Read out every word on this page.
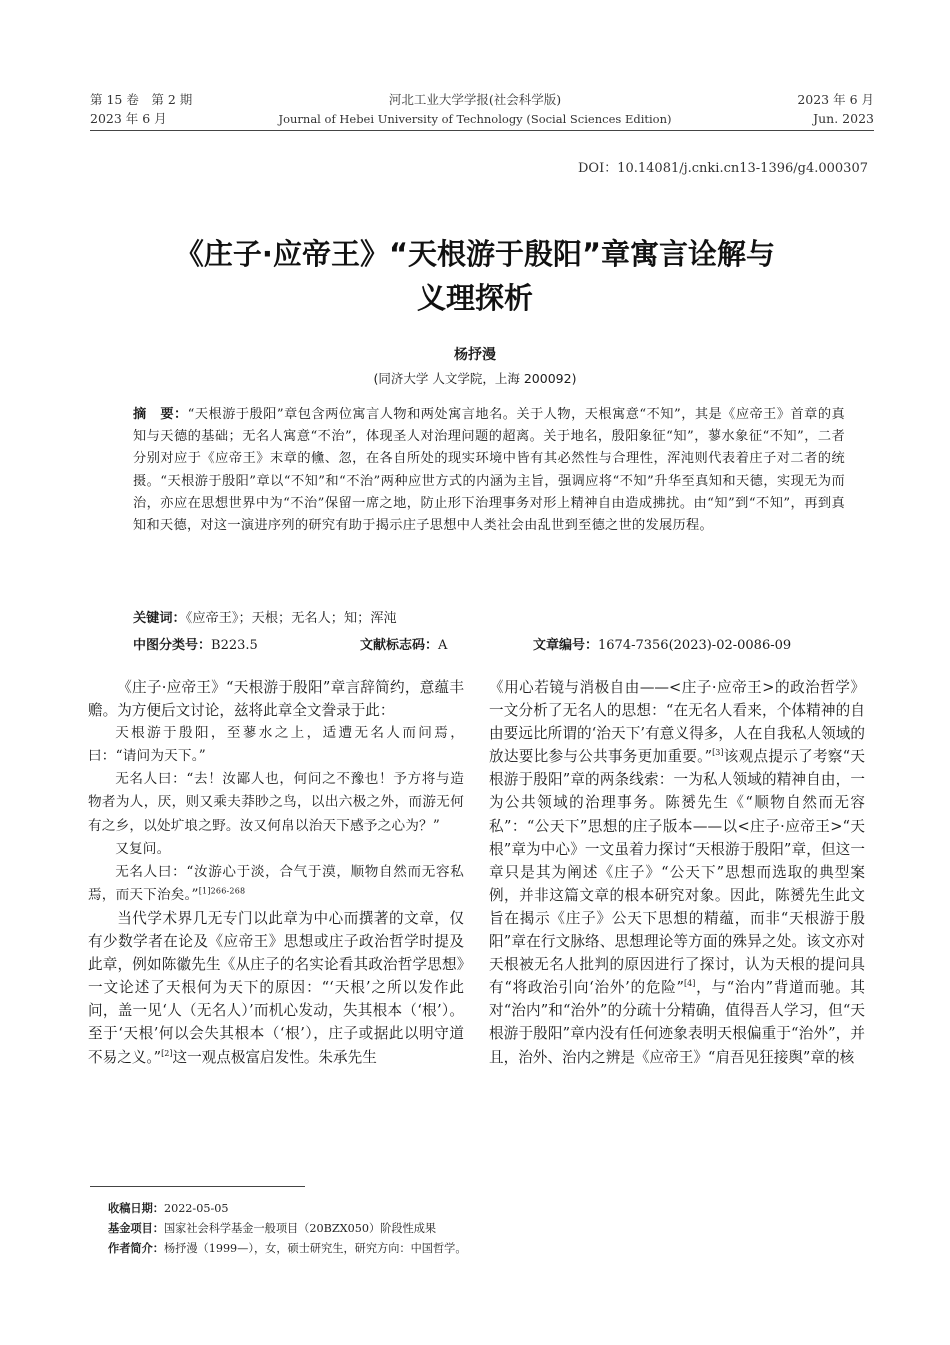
第 15 卷　第 2 期
2023 年 6 月
河北工业大学学报(社会科学版)
Journal of Hebei University of Technology (Social Sciences Edition)
2023 年 6 月
Jun. 2023
DOI：10.14081/j.cnki.cn13-1396/g4.000307
《庄子·应帝王》“天根游于殷阳”章寓言诠解与
义理探析
杨抒漫
(同济大学 人文学院，上海 200092)
摘　要：“天根游于殷阳”章包含两位寓言人物和两处寓言地名。关于人物，天根寓意“不知”，其是《应帝王》首章的真知与天德的基础；无名人寓意“不治”，体现圣人对治理问题的超离。关于地名，殷阳象征“知”，蓼水象征“不知”，二者分别对应于《应帝王》末章的儵、忽，在各自所处的现实环境中皆有其必然性与合理性，浑沌则代表着庄子对二者的统摄。“天根游于殷阳”章以“不知”和“不治”两种应世方式的内涵为主旨，强调应将“不知”升华至真知和天德，实现无为而治，亦应在思想世界中为“不治”保留一席之地，防止形下治理事务对形上精神自由造成拂扰。由“知”到“不知”，再到真知和天德，对这一演进序列的研究有助于揭示庄子思想中人类社会由乱世到至德之世的发展历程。
关键词：《应帝王》；天根；无名人；知；浑沌
中图分类号：B223.5	文献标志码：A	文章编号：1674-7356(2023)-02-0086-09

《庄子·应帝王》“天根游于殷阳”章言辞简约，意蕴丰赡。为方便后文讨论，兹将此章全文誊录于此：

天根游于殷阳，至蓼水之上，适遭无名人而问焉，曰：“请问为天下。”

无名人曰：“去！汝鄙人也，何问之不豫也！予方将与造物者为人，厌，则又乘夫莽眇之鸟，以出六极之外，而游无何有之乡，以处圹埌之野。汝又何帛以治天下感予之心为？”

又复问。

无名人曰：“汝游心于淡，合气于漠，顺物自然而无容私焉，而天下治矣。”$^{[1]266-268}$

当代学术界几无专门以此章为中心而撰著的文章，仅有少数学者在论及《应帝王》思想或庄子政治哲学时提及此章，例如陈徽先生《从庄子的名实论看其政治哲学思想》一文论述了天根何为天下的原因：“‘天根’之所以发作此问，盖一见‘人（无名人）’而机心发动，失其根本（‘根’）。至于‘天根’何以会失其根本（‘根’），庄子或据此以明守道不易之义。”[2]这一观点极富启发性。朱承先生

《用心若镜与消极自由——<庄子·应帝王>的政治哲学》一文分析了无名人的思想：“在无名人看来，个体精神的自由要远比所谓的‘治天下’有意义得多，人在自我私人领域的放达要比参与公共事务更加重要。”[3]该观点提示了考察“天根游于殷阳”章的两条线索：一为私人领域的精神自由，一为公共领域的治理事务。陈赟先生《“顺物自然而无容私”：“公天下”思想的庄子版本——以<庄子·应帝王>“天根”章为中心》一文虽着力探讨“天根游于殷阳”章，但这一章只是其为阐述《庄子》“公天下”思想而选取的典型案例，并非这篇文章的根本研究对象。因此，陈赟先生此文旨在揭示《庄子》公天下思想的精蕴，而非“天根游于殷阳”章在行文脉络、思想理论等方面的殊异之处。该文亦对天根被无名人批判的原因进行了探讨，认为天根的提问具有“将政治引向‘治外’的危险”[4]，与“治内”背道而驰。其对“治内”和“治外”的分疏十分精确，值得吾人学习，但“天根游于殷阳”章内没有任何迹象表明天根偏重于“治外”，并且，治外、治内之辨是《应帝王》“肩吾见狂接舆”章的核

收稿日期：2022-05-05
基金项目：国家社会科学基金一般项目（20BZX050）阶段性成果
作者简介：杨抒漫（1999—），女，硕士研究生，研究方向：中国哲学。
